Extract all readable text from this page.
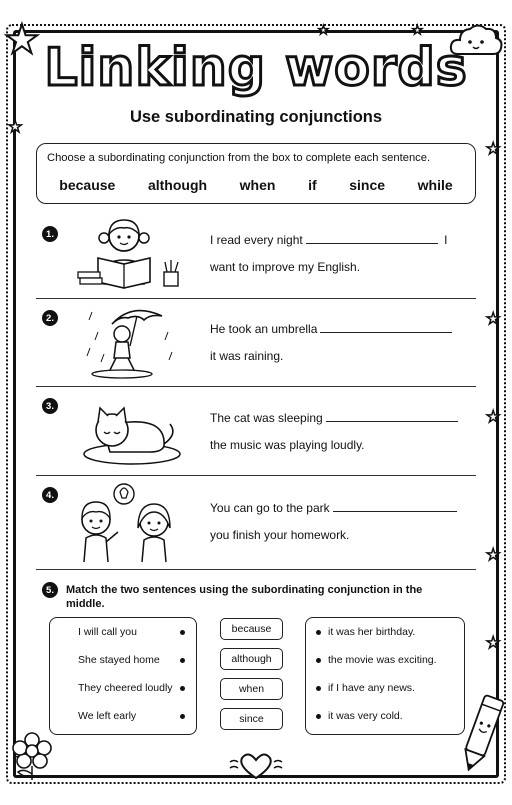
★
★
★
★
★
★
★
★	★
Linking words
Use subordinating conjunctions
Choose a subordinating conjunction from the box to complete each sentence.
because although when if since while
1.	I read every night	I
want to improve my English.
2.
He took an umbrella
it was raining.
3.
The cat was sleeping
the music was playing loudly.
4.
You can go to the park
you finish your homework.
5.	Match the two sentences using the subordinating conjunction in the middle.
I will call you
She stayed home
They cheered loudly
We left early
because
although
when
since
it was her birthday.
the movie was exciting.
if I have any news.
it was very cold.
